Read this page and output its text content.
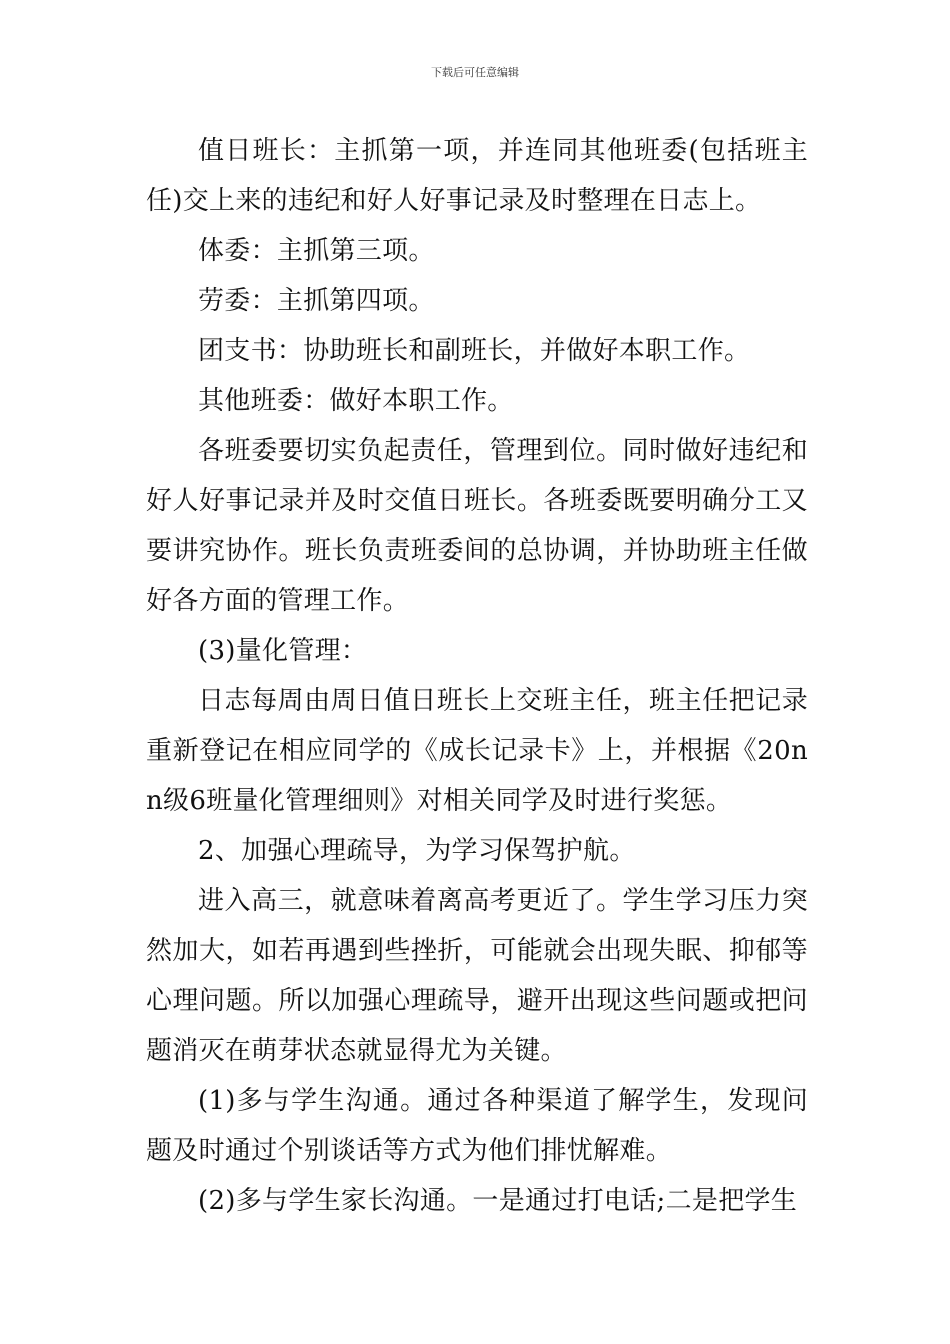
下载后可任意编辑

值日班长：主抓第一项，并连同其他班委(包括班主任)交上来的违纪和好人好事记录及时整理在日志上。

体委：主抓第三项。

劳委：主抓第四项。

团支书：协助班长和副班长，并做好本职工作。

其他班委：做好本职工作。

各班委要切实负起责任，管理到位。同时做好违纪和好人好事记录并及时交值日班长。各班委既要明确分工又要讲究协作。班长负责班委间的总协调，并协助班主任做好各方面的管理工作。

(3)量化管理：

日志每周由周日值日班长上交班主任，班主任把记录重新登记在相应同学的《成长记录卡》上，并根据《20nn级6班量化管理细则》对相关同学及时进行奖惩。

2、加强心理疏导，为学习保驾护航。

进入高三，就意味着离高考更近了。学生学习压力突然加大，如若再遇到些挫折，可能就会出现失眠、抑郁等心理问题。所以加强心理疏导，避开出现这些问题或把问题消灭在萌芽状态就显得尤为关键。

(1)多与学生沟通。通过各种渠道了解学生，发现问题及时通过个别谈话等方式为他们排忧解难。

(2)多与学生家长沟通。一是通过打电话;二是把学生
